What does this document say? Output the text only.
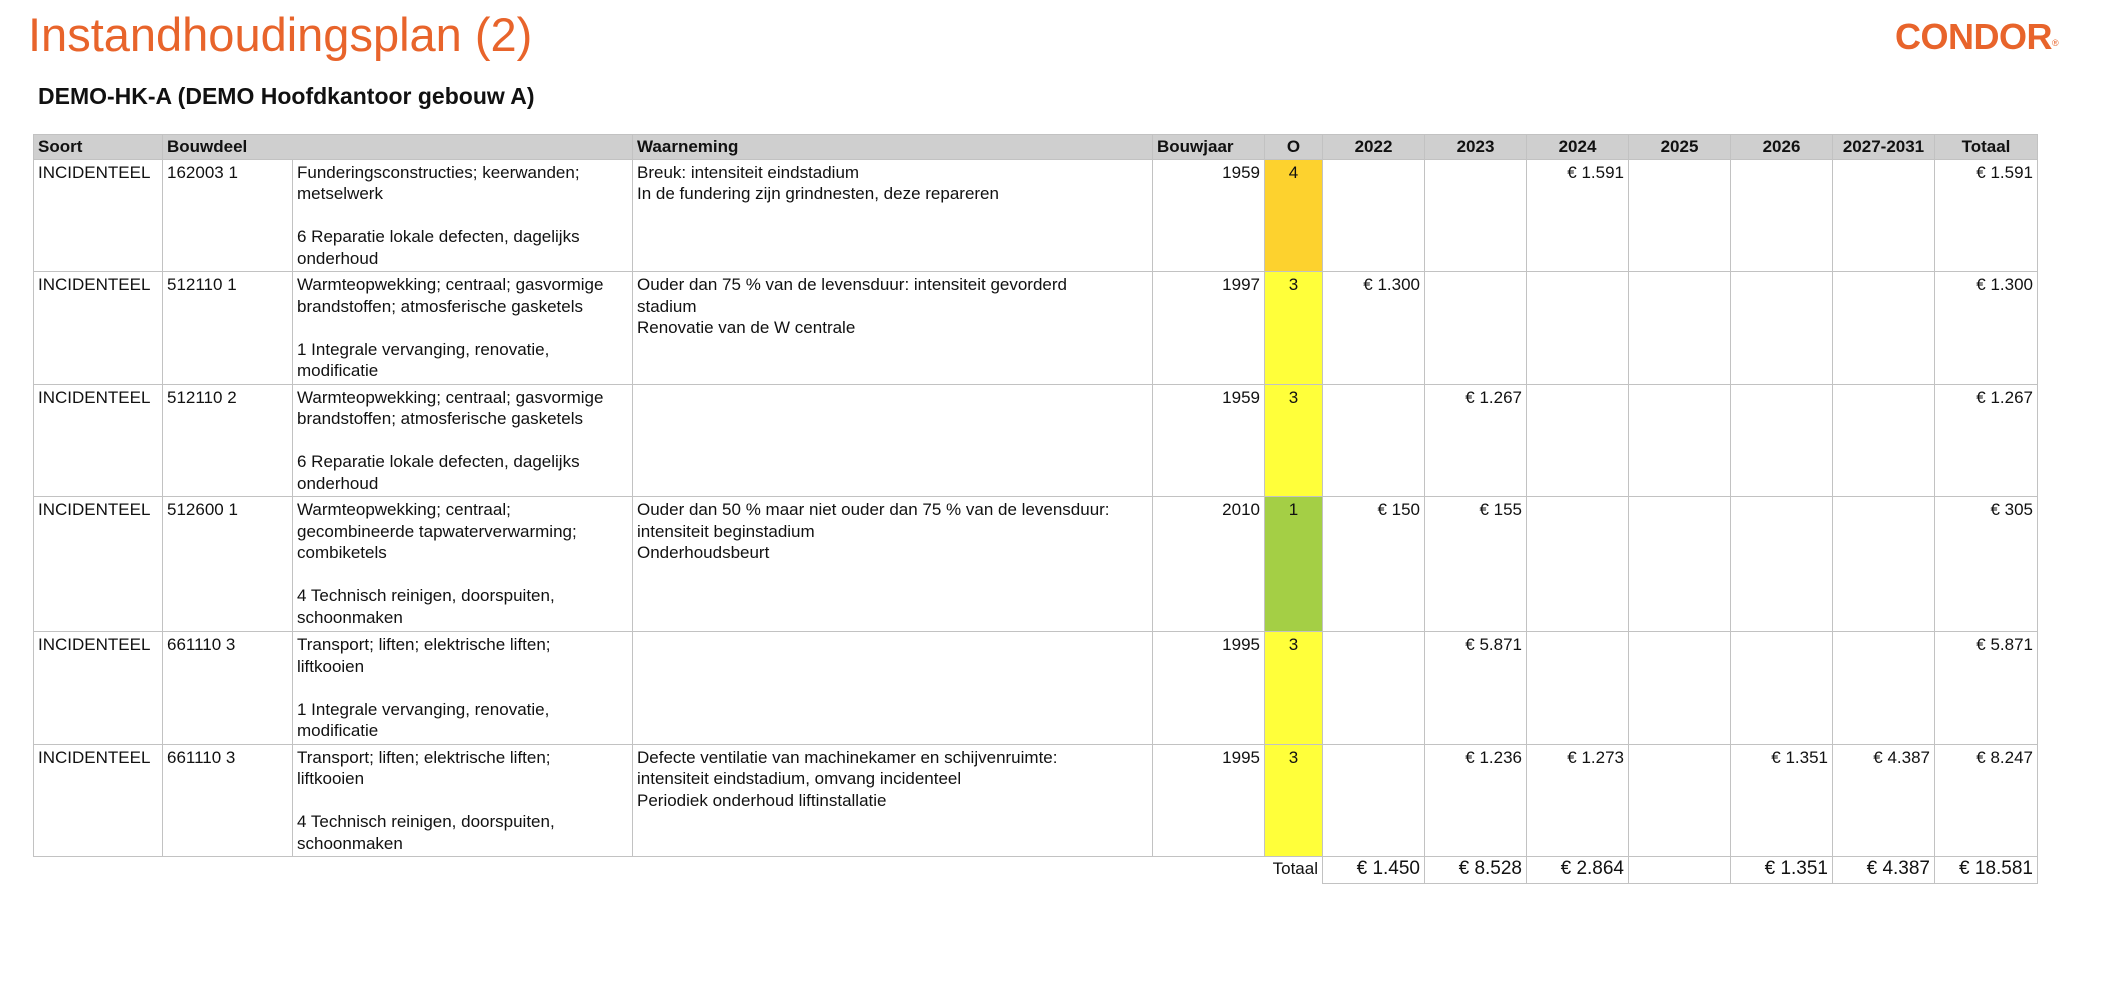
Instandhoudingsplan (2)	CONDOR®
DEMO-HK-A (DEMO Hoofdkantoor gebouw A)
Soort	Bouwdeel		Waarneming	Bouwjaar	O	2022	2023	2024	2025	2026	2027-2031	Totaal
INCIDENTEEL	162003 1	Funderingsconstructies; keerwanden;
metselwerk
6 Reparatie lokale defecten, dagelijks
onderhoud	Breuk: intensiteit eindstadium
In de fundering zijn grindnesten, deze repareren	1959	4			€ 1.591				€ 1.591
INCIDENTEEL	512110 1	Warmteopwekking; centraal; gasvormige
brandstoffen; atmosferische gasketels
1 Integrale vervanging, renovatie,
modificatie	Ouder dan 75 % van de levensduur: intensiteit gevorderd
stadium
Renovatie van de W centrale	1997	3	€ 1.300						€ 1.300
INCIDENTEEL	512110 2	Warmteopwekking; centraal; gasvormige
brandstoffen; atmosferische gasketels
6 Reparatie lokale defecten, dagelijks
onderhoud		1959	3		€ 1.267					€ 1.267
INCIDENTEEL	512600 1	Warmteopwekking; centraal;
gecombineerde tapwaterverwarming;
combiketels
4 Technisch reinigen, doorspuiten,
schoonmaken	Ouder dan 50 % maar niet ouder dan 75 % van de levensduur:
intensiteit beginstadium
Onderhoudsbeurt	2010	1	€ 150	€ 155					€ 305
INCIDENTEEL	661110 3	Transport; liften; elektrische liften;
liftkooien
1 Integrale vervanging, renovatie,
modificatie		1995	3		€ 5.871					€ 5.871
INCIDENTEEL	661110 3	Transport; liften; elektrische liften;
liftkooien
4 Technisch reinigen, doorspuiten,
schoonmaken	Defecte ventilatie van machinekamer en schijvenruimte:
intensiteit eindstadium, omvang incidenteel
Periodiek onderhoud liftinstallatie	1995	3		€ 1.236	€ 1.273		€ 1.351	€ 4.387	€ 8.247
					Totaal	€ 1.450	€ 8.528	€ 2.864		€ 1.351	€ 4.387	€ 18.581
